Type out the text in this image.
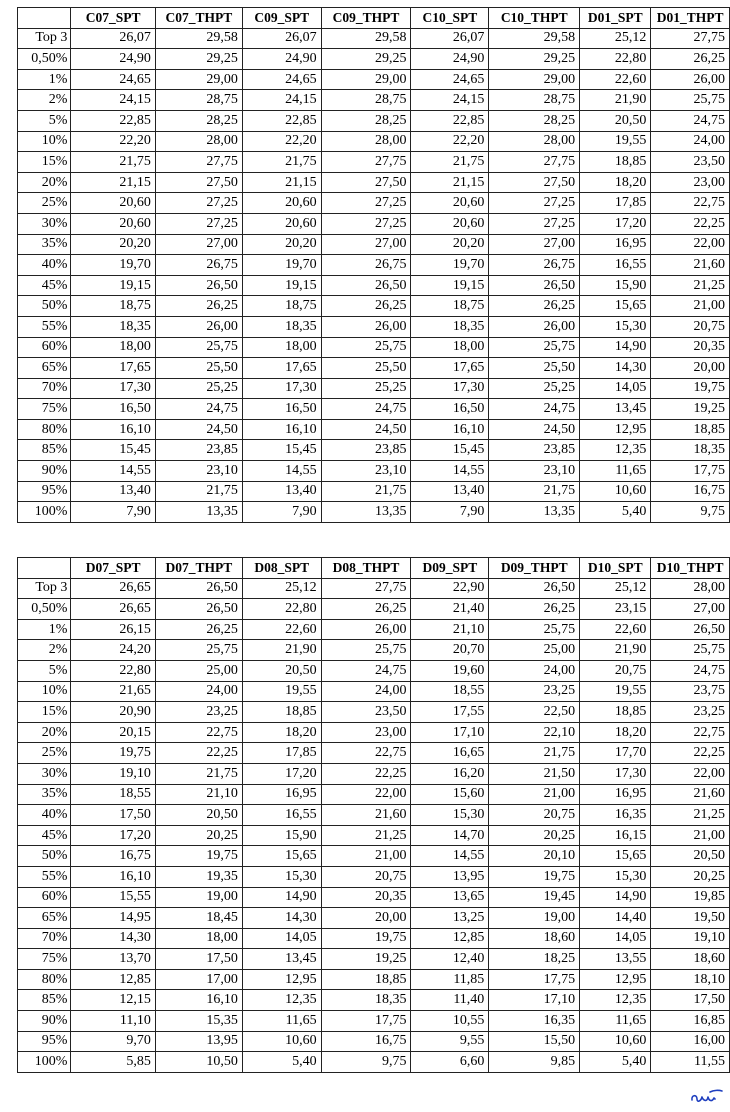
	C07_SPT	C07_THPT	C09_SPT	C09_THPT	C10_SPT	C10_THPT	D01_SPT	D01_THPT
Top 3	26,07	29,58	26,07	29,58	26,07	29,58	25,12	27,75
0,50%	24,90	29,25	24,90	29,25	24,90	29,25	22,80	26,25
1%	24,65	29,00	24,65	29,00	24,65	29,00	22,60	26,00
2%	24,15	28,75	24,15	28,75	24,15	28,75	21,90	25,75
5%	22,85	28,25	22,85	28,25	22,85	28,25	20,50	24,75
10%	22,20	28,00	22,20	28,00	22,20	28,00	19,55	24,00
15%	21,75	27,75	21,75	27,75	21,75	27,75	18,85	23,50
20%	21,15	27,50	21,15	27,50	21,15	27,50	18,20	23,00
25%	20,60	27,25	20,60	27,25	20,60	27,25	17,85	22,75
30%	20,60	27,25	20,60	27,25	20,60	27,25	17,20	22,25
35%	20,20	27,00	20,20	27,00	20,20	27,00	16,95	22,00
40%	19,70	26,75	19,70	26,75	19,70	26,75	16,55	21,60
45%	19,15	26,50	19,15	26,50	19,15	26,50	15,90	21,25
50%	18,75	26,25	18,75	26,25	18,75	26,25	15,65	21,00
55%	18,35	26,00	18,35	26,00	18,35	26,00	15,30	20,75
60%	18,00	25,75	18,00	25,75	18,00	25,75	14,90	20,35
65%	17,65	25,50	17,65	25,50	17,65	25,50	14,30	20,00
70%	17,30	25,25	17,30	25,25	17,30	25,25	14,05	19,75
75%	16,50	24,75	16,50	24,75	16,50	24,75	13,45	19,25
80%	16,10	24,50	16,10	24,50	16,10	24,50	12,95	18,85
85%	15,45	23,85	15,45	23,85	15,45	23,85	12,35	18,35
90%	14,55	23,10	14,55	23,10	14,55	23,10	11,65	17,75
95%	13,40	21,75	13,40	21,75	13,40	21,75	10,60	16,75
100%	7,90	13,35	7,90	13,35	7,90	13,35	5,40	9,75
	D07_SPT	D07_THPT	D08_SPT	D08_THPT	D09_SPT	D09_THPT	D10_SPT	D10_THPT
Top 3	26,65	26,50	25,12	27,75	22,90	26,50	25,12	28,00
0,50%	26,65	26,50	22,80	26,25	21,40	26,25	23,15	27,00
1%	26,15	26,25	22,60	26,00	21,10	25,75	22,60	26,50
2%	24,20	25,75	21,90	25,75	20,70	25,00	21,90	25,75
5%	22,80	25,00	20,50	24,75	19,60	24,00	20,75	24,75
10%	21,65	24,00	19,55	24,00	18,55	23,25	19,55	23,75
15%	20,90	23,25	18,85	23,50	17,55	22,50	18,85	23,25
20%	20,15	22,75	18,20	23,00	17,10	22,10	18,20	22,75
25%	19,75	22,25	17,85	22,75	16,65	21,75	17,70	22,25
30%	19,10	21,75	17,20	22,25	16,20	21,50	17,30	22,00
35%	18,55	21,10	16,95	22,00	15,60	21,00	16,95	21,60
40%	17,50	20,50	16,55	21,60	15,30	20,75	16,35	21,25
45%	17,20	20,25	15,90	21,25	14,70	20,25	16,15	21,00
50%	16,75	19,75	15,65	21,00	14,55	20,10	15,65	20,50
55%	16,10	19,35	15,30	20,75	13,95	19,75	15,30	20,25
60%	15,55	19,00	14,90	20,35	13,65	19,45	14,90	19,85
65%	14,95	18,45	14,30	20,00	13,25	19,00	14,40	19,50
70%	14,30	18,00	14,05	19,75	12,85	18,60	14,05	19,10
75%	13,70	17,50	13,45	19,25	12,40	18,25	13,55	18,60
80%	12,85	17,00	12,95	18,85	11,85	17,75	12,95	18,10
85%	12,15	16,10	12,35	18,35	11,40	17,10	12,35	17,50
90%	11,10	15,35	11,65	17,75	10,55	16,35	11,65	16,85
95%	9,70	13,95	10,60	16,75	9,55	15,50	10,60	16,00
100%	5,85	10,50	5,40	9,75	6,60	9,85	5,40	11,55
